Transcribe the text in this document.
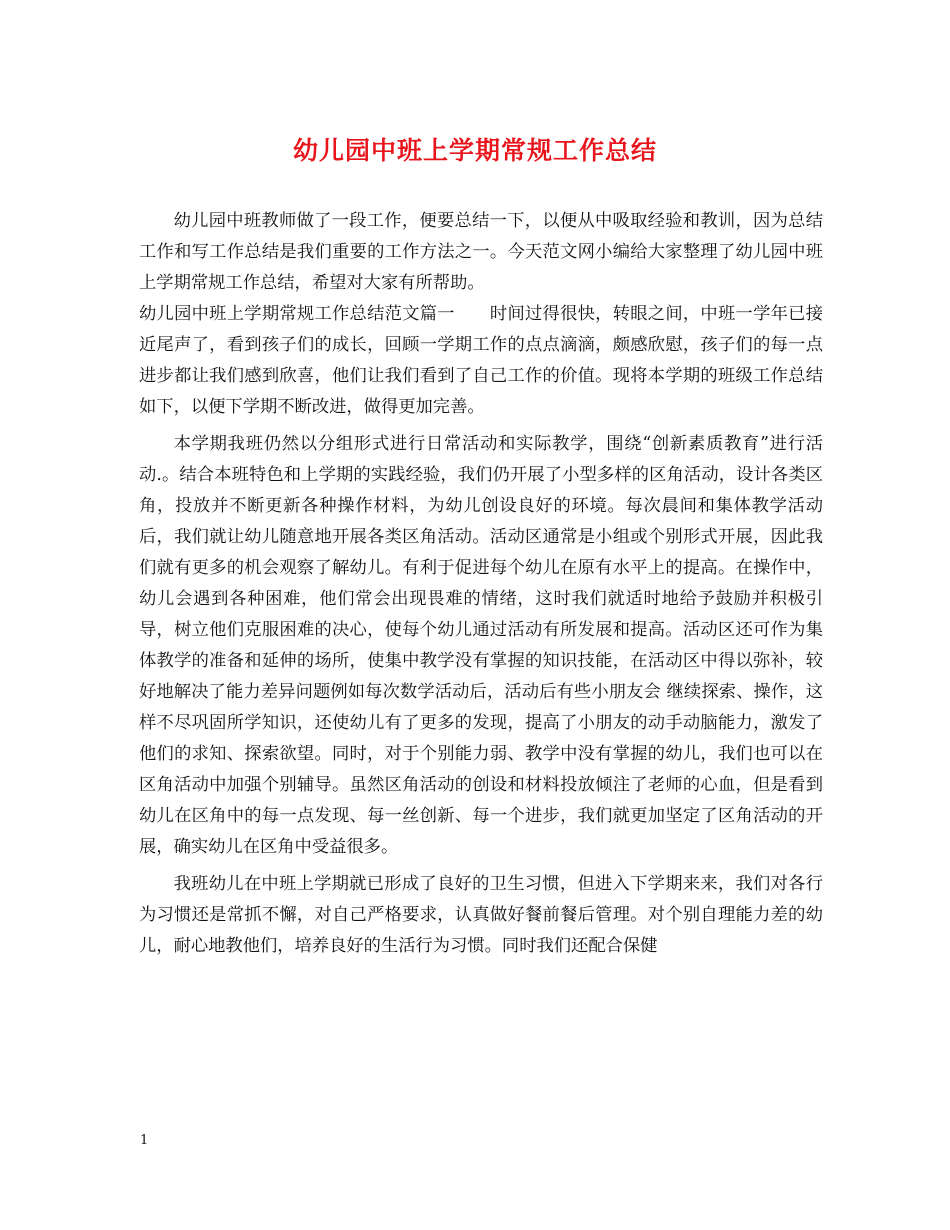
幼儿园中班上学期常规工作总结

幼儿园中班教师做了一段工作，便要总结一下，以便从中吸取经验和教训，因为总结工作和写工作总结是我们重要的工作方法之一。今天范文网小编给大家整理了幼儿园中班上学期常规工作总结，希望对大家有所帮助。

幼儿园中班上学期常规工作总结范文篇一　　时间过得很快，转眼之间，中班一学年已接近尾声了，看到孩子们的成长，回顾一学期工作的点点滴滴，颇感欣慰，孩子们的每一点进步都让我们感到欣喜，他们让我们看到了自己工作的价值。现将本学期的班级工作总结如下，以便下学期不断改进，做得更加完善。

本学期我班仍然以分组形式进行日常活动和实际教学，围绕“创新素质教育”进行活动.。结合本班特色和上学期的实践经验，我们仍开展了小型多样的区角活动，设计各类区角，投放并不断更新各种操作材料，为幼儿创设良好的环境。每次晨间和集体教学活动后，我们就让幼儿随意地开展各类区角活动。活动区通常是小组或个别形式开展，因此我们就有更多的机会观察了解幼儿。有利于促进每个幼儿在原有水平上的提高。在操作中，幼儿会遇到各种困难，他们常会出现畏难的情绪，这时我们就适时地给予鼓励并积极引导，树立他们克服困难的决心，使每个幼儿通过活动有所发展和提高。活动区还可作为集体教学的准备和延伸的场所，使集中教学没有掌握的知识技能，在活动区中得以弥补，较好地解决了能力差异问题例如每次数学活动后，活动后有些小朋友会 继续探索、操作，这样不尽巩固所学知识，还使幼儿有了更多的发现，提高了小朋友的动手动脑能力，激发了他们的求知、探索欲望。同时，对于个别能力弱、教学中没有掌握的幼儿，我们也可以在区角活动中加强个别辅导。虽然区角活动的创设和材料投放倾注了老师的心血，但是看到幼儿在区角中的每一点发现、每一丝创新、每一个进步，我们就更加坚定了区角活动的开展，确实幼儿在区角中受益很多。

我班幼儿在中班上学期就已形成了良好的卫生习惯，但进入下学期来来，我们对各行为习惯还是常抓不懈，对自己严格要求，认真做好餐前餐后管理。对个别自理能力差的幼儿，耐心地教他们，培养良好的生活行为习惯。同时我们还配合保健

1
